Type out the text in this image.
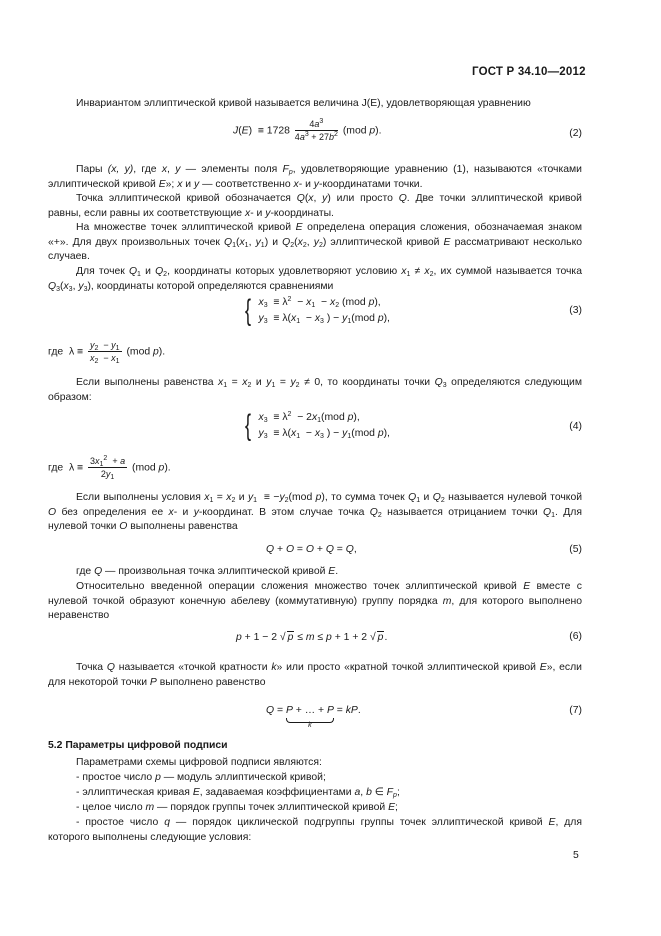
ГОСТ Р 34.10—2012
Инвариантом эллиптической кривой называется величина J(E), удовлетворяющая уравнению
$J(E) \equiv 1728 \frac{4a^3}{4a^3 + 27b^2} (mod$ p).	(2)
Пары (x, y), где x, y — элементы поля $F_p$, удовлетворяющие уравнению (1), называются «точками эллиптической кривой E»; x и y — соответственно x- и y-координатами точки.
Точка эллиптической кривой обозначается Q(x, y) или просто Q. Две точки эллиптической кривой равны, если равны их соответствующие x- и y-координаты.
На множестве точек эллиптической кривой E определена операция сложения, обозначаемая знаком «+». Для двух произвольных точек $Q_1(x_1$, $y_1$) и $Q_2(x_2$, $y_2$) эллиптической кривой E рассматривают несколько случаев.
Для точек $Q_1$ и $Q_2$, координаты которых удовлетворяют условию $x_1 \ne x_2$, их суммой называется точка $Q_3(x_3$, $y_3$), координаты которой определяются сравнениями
{ $x_3 \equiv \lambda^2 - x_1 - x_2$ (mod p),
$y_3 \equiv \lambda(x_1 - x_3$ ) − $y_1(mod$ p),
(3)
где  $\lambda \equiv \frac{y_2 - y_1}{x_2 - x_1} (mod$ p).
Если выполнены равенства $x_1 = x_2$ и $y_1 = y_2 \ne 0$, то координаты точки $Q_3$ определяются следующим образом:
{ $x_3 \equiv \lambda^2 - 2x_1(mod$ p),
$y_3 \equiv \lambda(x_1 - x_3$ ) − $y_1(mod$ p),
(4)
где  $\lambda \equiv \frac{3x_1^2 + a}{2y_1} (mod$ p).
Если выполнены условия $x_1 = x_2$ и $y_1 \equiv -y_2(mod$ p), то сумма точек $Q_1$ и $Q_2$ называется нулевой точкой O без определения ее x- и y-координат. В этом случае точка $Q_2$ называется отрицанием точки $Q_1$. Для нулевой точки O выполнены равенства
Q + O = O + Q = Q,	(5)
где Q — произвольная точка эллиптической кривой E.
Относительно введенной операции сложения множество точек эллиптической кривой E вместе с нулевой точкой образуют конечную абелеву (коммутативную) группу порядка m, для которого выполнено неравенство
p + 1 − 2 √ p ≤ m ≤ p + 1 + 2 √ p.	(6)
Точка Q называется «точкой кратности k» или просто «кратной точкой эллиптической кривой E», если для некоторой точки P выполнено равенство
Q = P + … + P
k
= kP.	(7)
5.2 Параметры цифровой подписи
Параметрами схемы цифровой подписи являются:
- простое число p — модуль эллиптической кривой;
- эллиптическая кривая E, задаваемая коэффициентами a, b ∈ $F_p$;
- целое число m — порядок группы точек эллиптической кривой E;
- простое число q — порядок циклической подгруппы группы точек эллиптической кривой E, для которого выполнены следующие условия:
5
